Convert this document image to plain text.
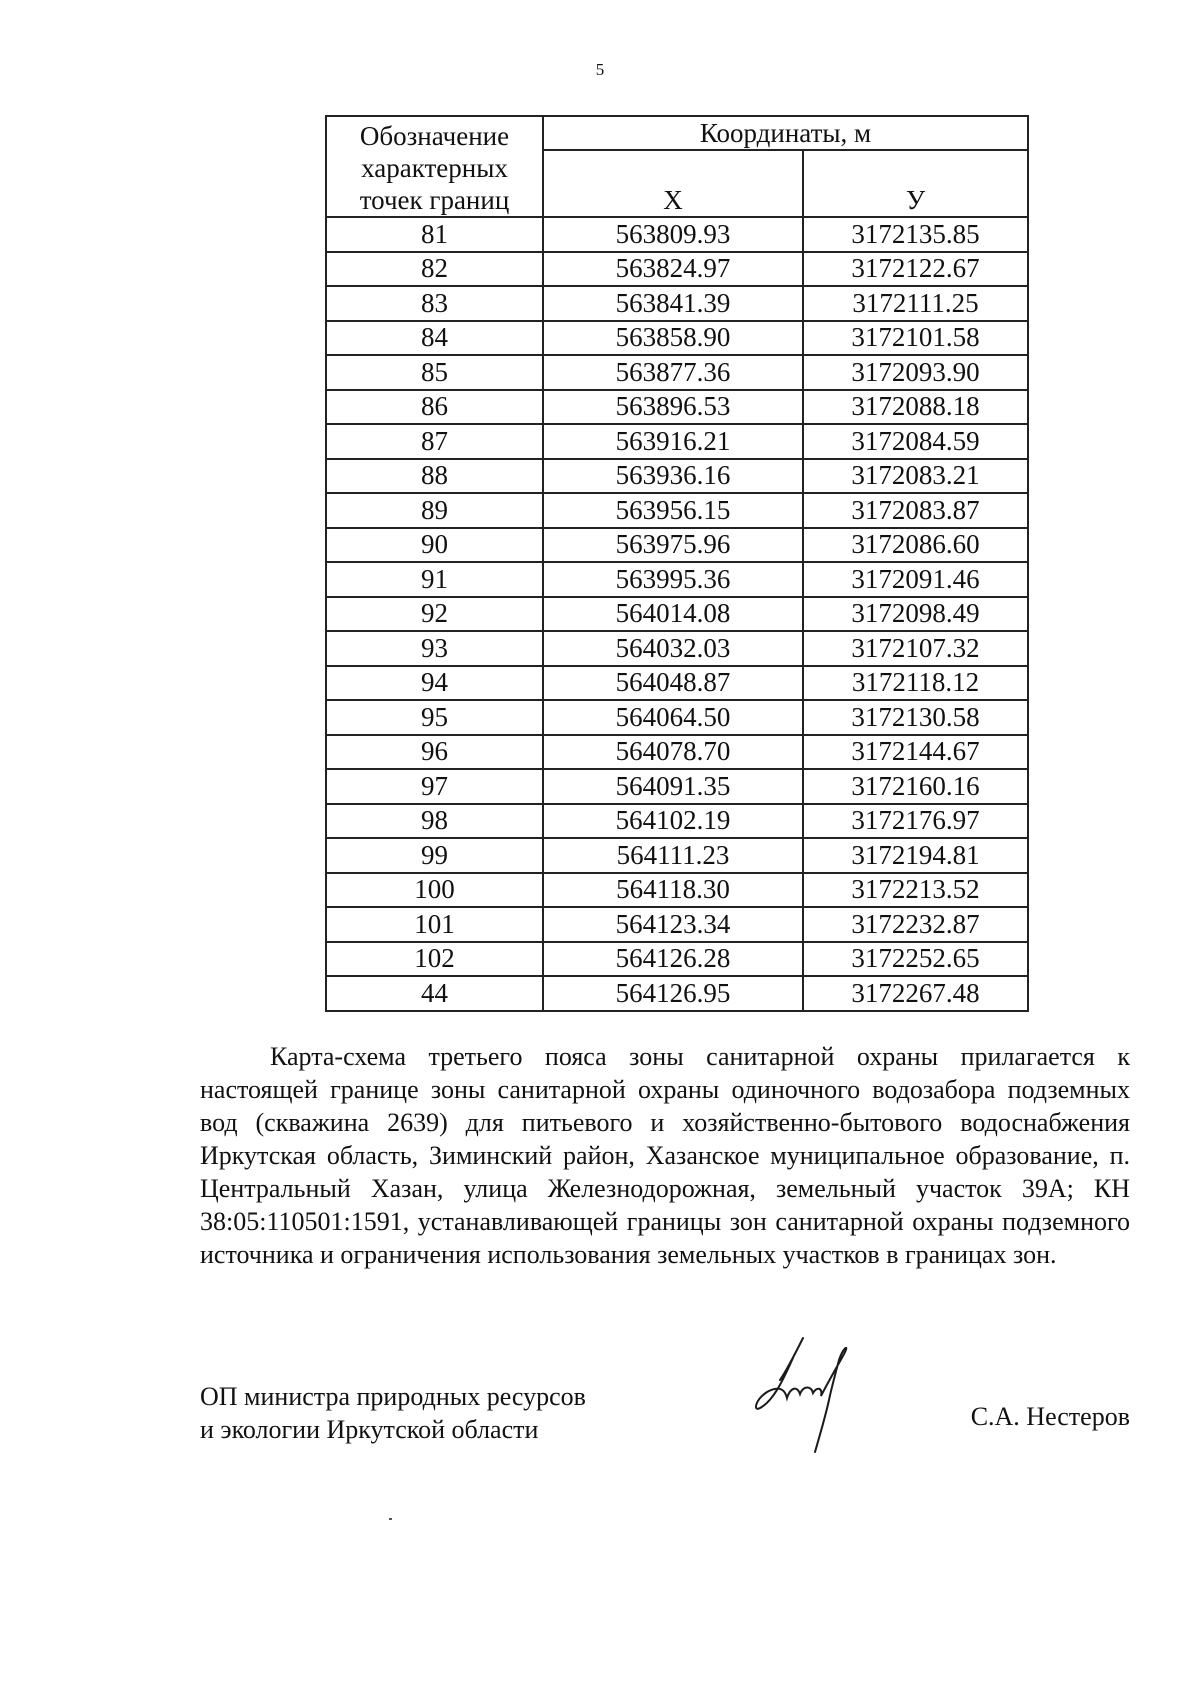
5
Обозначение характерных точек границ	Координаты, м	
	Х	У
81	563809.93	3172135.85
82	563824.97	3172122.67
83	563841.39	3172111.25
84	563858.90	3172101.58
85	563877.36	3172093.90
86	563896.53	3172088.18
87	563916.21	3172084.59
88	563936.16	3172083.21
89	563956.15	3172083.87
90	563975.96	3172086.60
91	563995.36	3172091.46
92	564014.08	3172098.49
93	564032.03	3172107.32
94	564048.87	3172118.12
95	564064.50	3172130.58
96	564078.70	3172144.67
97	564091.35	3172160.16
98	564102.19	3172176.97
99	564111.23	3172194.81
100	564118.30	3172213.52
101	564123.34	3172232.87
102	564126.28	3172252.65
44	564126.95	3172267.48

Карта-схема третьего пояса зоны санитарной охраны прилагается к настоящей границе зоны санитарной охраны одиночного водозабора подземных вод (скважина 2639) для питьевого и хозяйственно-бытового водоснабжения Иркутская область, Зиминский район, Хазанское муниципальное образование, п. Центральный Хазан, улица Железнодорожная, земельный участок 39А; КН 38:05:110501:1591, устанавливающей границы зон санитарной охраны подземного источника и ограничения использования земельных участков в границах зон.

ОП министра природных ресурсов
и экологии Иркутской области	С.А. Нестеров
